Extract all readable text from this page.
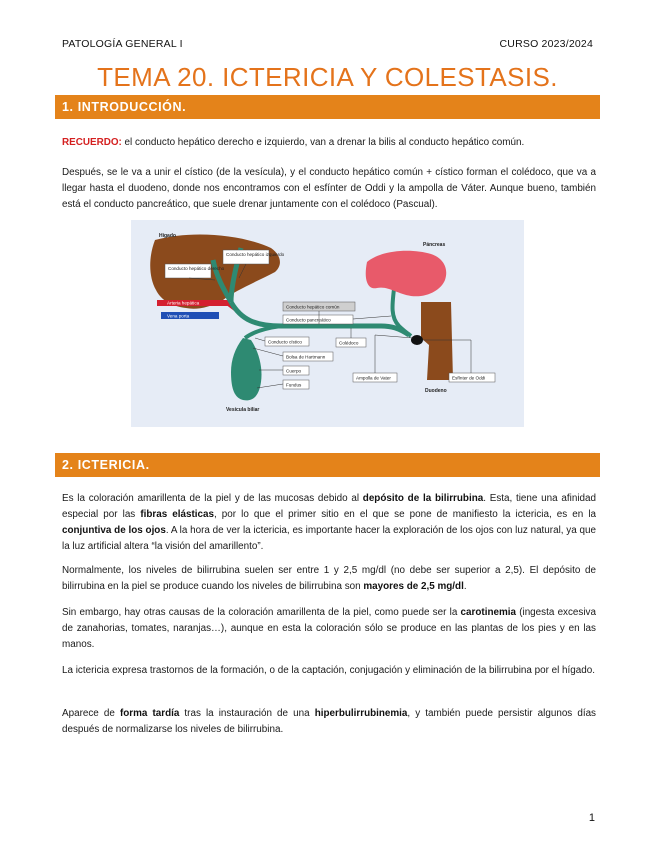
PATOLOGÍA GENERAL I	CURSO 2023/2024
TEMA 20. ICTERICIA Y COLESTASIS.
1. INTRODUCCIÓN.

RECUERDO: el conducto hepático derecho e izquierdo, van a drenar la bilis al conducto hepático común.

Después, se le va a unir el cístico (de la vesícula), y el conducto hepático común + cístico forman el colédoco, que va a llegar hasta el duodeno, donde nos encontramos con el esfínter de Oddi y la ampolla de Váter. Aunque bueno, también está el conducto pancreático, que suele drenar juntamente con el colédoco (Pascual).

Hígado
Arteria hepática
Vena porta
Vesícula biliar
Páncreas
Duodeno
Conducto hepático izquierdo
Conducto hepático derecho
Conducto hepático común
Conducto pancreático
Conducto cístico	Colédoco
Bolsa de Hartmann
Cuerpo
Fundus
Ampolla de Vater	Esfínter de Oddi
2. ICTERICIA.

Es la coloración amarillenta de la piel y de las mucosas debido al depósito de la bilirrubina. Esta, tiene una afinidad especial por las fibras elásticas, por lo que el primer sitio en el que se pone de manifiesto la ictericia, es en la conjuntiva de los ojos. A la hora de ver la ictericia, es importante hacer la exploración de los ojos con luz natural, ya que la luz artificial altera “la visión del amarillento”.

Normalmente, los niveles de bilirrubina suelen ser entre 1 y 2,5 mg/dl (no debe ser superior a 2,5). El depósito de bilirrubina en la piel se produce cuando los niveles de bilirrubina son mayores de 2,5 mg/dl.

Sin embargo, hay otras causas de la coloración amarillenta de la piel, como puede ser la carotinemia (ingesta excesiva de zanahorias, tomates, naranjas…), aunque en esta la coloración sólo se produce en las plantas de los pies y en las manos.

La ictericia expresa trastornos de la formación, o de la captación, conjugación y eliminación de la bilirrubina por el hígado.

Aparece de forma tardía tras la instauración de una hiperbulirrubinemia, y también puede persistir algunos días después de normalizarse los niveles de bilirrubina.

1
